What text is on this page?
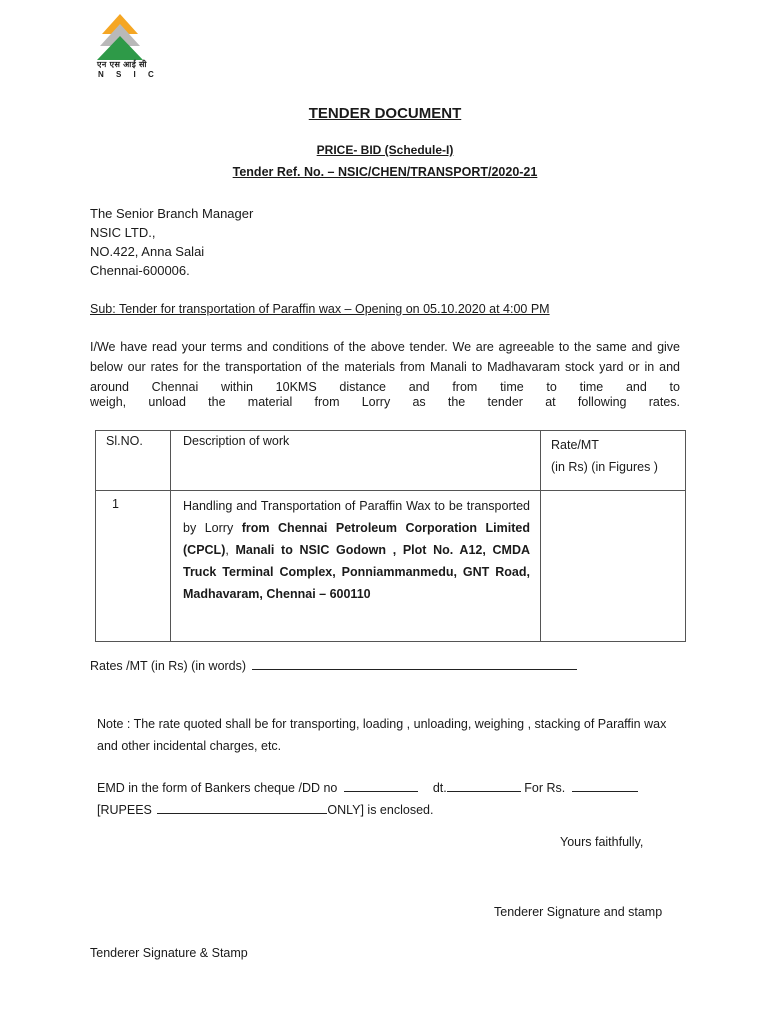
एन एस आई सी
N S I C
TENDER DOCUMENT
PRICE- BID (Schedule-I)
Tender Ref. No. – NSIC/CHEN/TRANSPORT/2020-21
The Senior Branch Manager
NSIC LTD.,
NO.422, Anna Salai
Chennai-600006.
Sub: Tender for transportation of Paraffin wax – Opening on 05.10.2020 at 4:00 PM
I/We have read your terms and conditions of the above tender. We are agreeable to the same and give below our rates for the transportation of the materials from Manali to Madhavaram stock yard or in and around Chennai within 10KMS distance and from time to time and to
weigh, unload the material from Lorry as the tender at following rates.
Sl.NO.	Description of work	Rate/MT
(in Rs) (in Figures )

1	Handling and Transportation of Paraffin Wax to be transported by Lorry from Chennai Petroleum Corporation Limited (CPCL), Manali to NSIC Godown , Plot No. A12, CMDA Truck Terminal Complex, Ponniammanmedu, GNT Road, Madhavaram, Chennai – 600110	

Rates /MT (in Rs) (in words)
Note : The rate quoted shall be for transporting, loading , unloading, weighing , stacking of Paraffin wax and other incidental charges, etc.
EMD in the form of Bankers cheque /DD no	dt.	For Rs.
[RUPEES	ONLY] is enclosed.
Yours faithfully,
Tenderer Signature and stamp
Tenderer Signature & Stamp
